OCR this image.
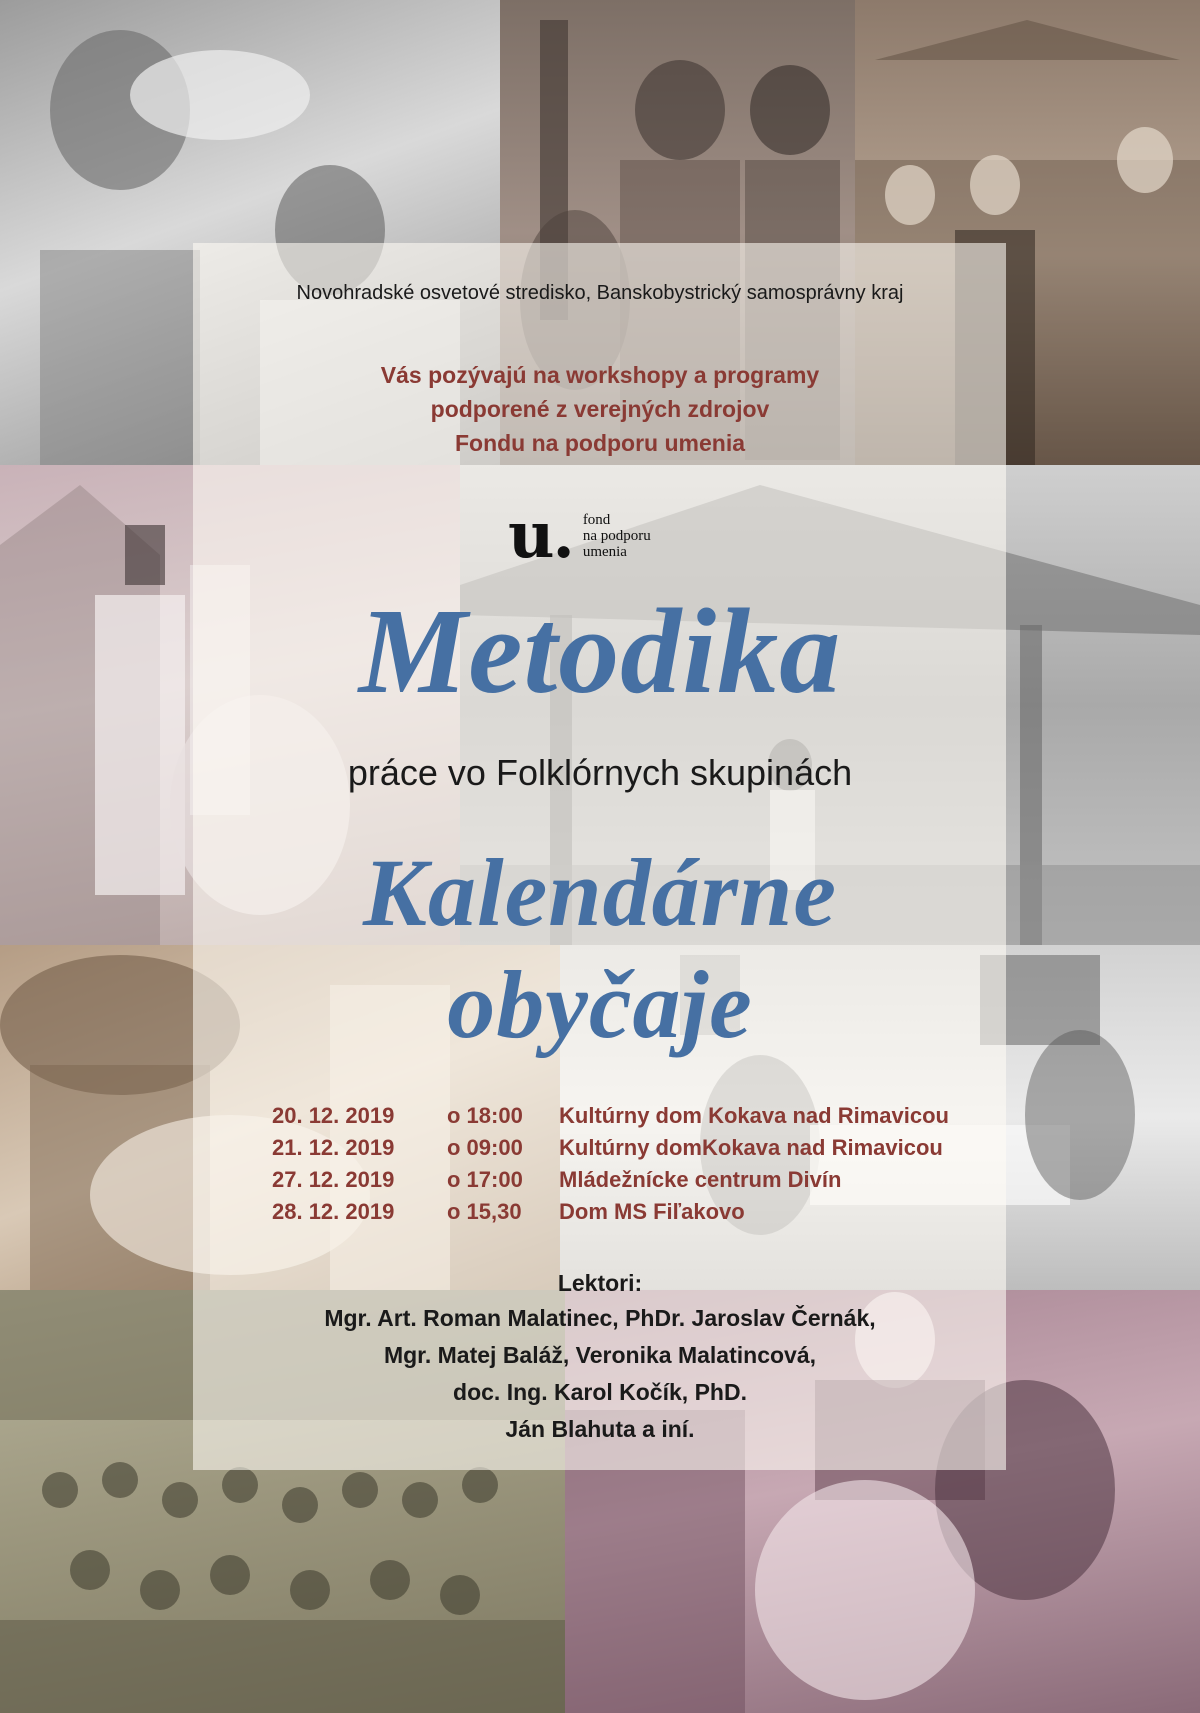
Novohradské osvetové stredisko, Banskobystrický samosprávny kraj
Vás pozývajú na workshopy a programy
podporené z verejných zdrojov
Fondu na podporu umenia
u. fond
na podporu
umenia
Metodika
práce vo Folklórnych skupinách
Kalendárne
obyčaje
20. 12. 2019	o 18:00	Kultúrny dom Kokava nad Rimavicou
21. 12. 2019	o 09:00	Kultúrny domKokava nad Rimavicou
27. 12. 2019	o 17:00	Mládežnícke centrum Divín
28. 12. 2019	o 15,30	Dom MS Fiľakovo
Lektori:
Mgr. Art. Roman Malatinec, PhDr. Jaroslav Černák,
Mgr. Matej Baláž, Veronika Malatincová,
doc. Ing. Karol Kočík, PhD.
Ján Blahuta a iní.
